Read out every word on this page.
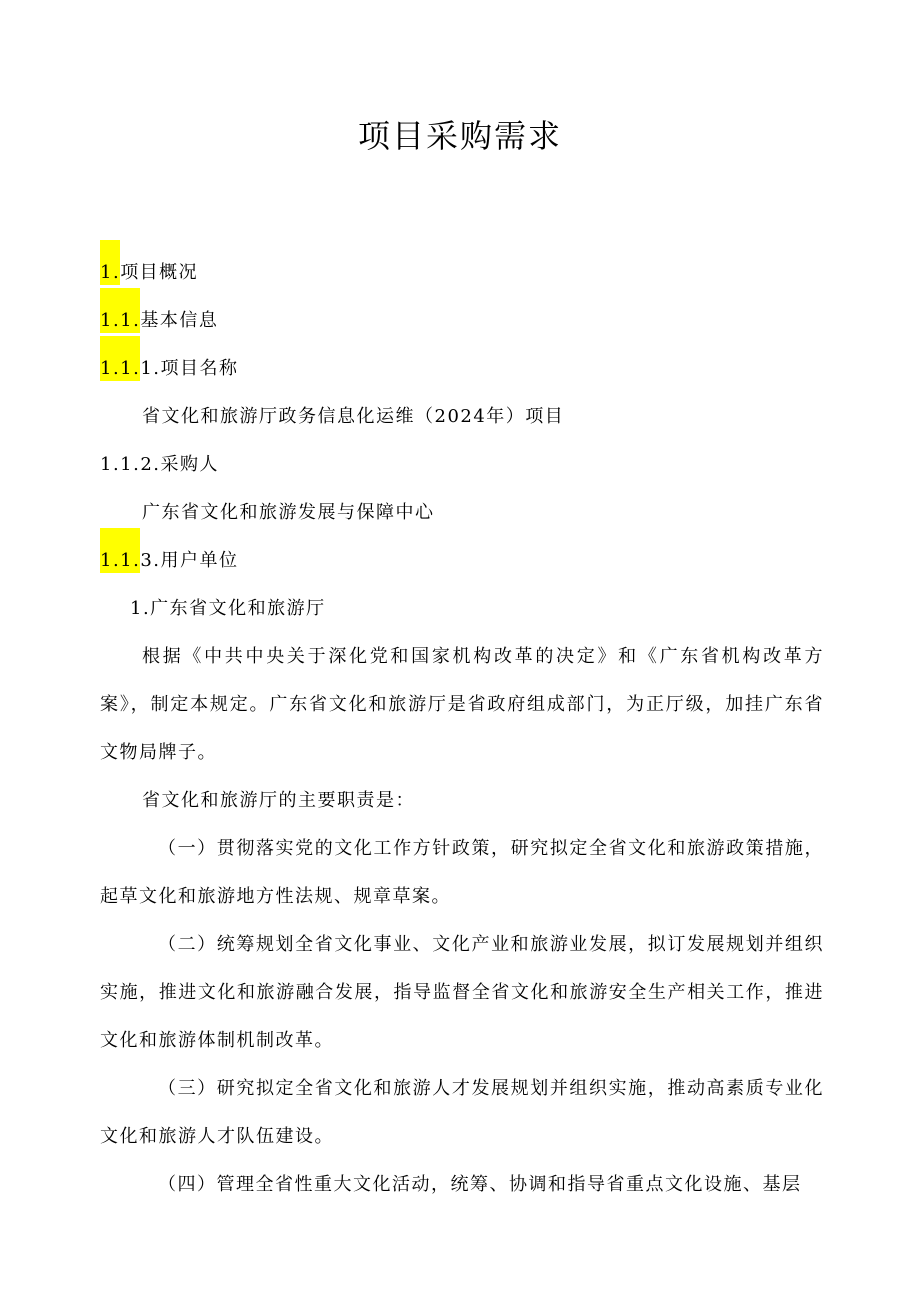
项目采购需求
1.项目概况
1.1.基本信息
1.1.1.项目名称
省文化和旅游厅政务信息化运维（2024年）项目
1.1.2.采购人
广东省文化和旅游发展与保障中心
1.1.3.用户单位
1.广东省文化和旅游厅
根据《中共中央关于深化党和国家机构改革的决定》和《广东省机构改革方案》，制定本规定。广东省文化和旅游厅是省政府组成部门，为正厅级，加挂广东省文物局牌子。
省文化和旅游厅的主要职责是：
（一）贯彻落实党的文化工作方针政策，研究拟定全省文化和旅游政策措施，起草文化和旅游地方性法规、规章草案。
（二）统筹规划全省文化事业、文化产业和旅游业发展，拟订发展规划并组织实施，推进文化和旅游融合发展，指导监督全省文化和旅游安全生产相关工作，推进文化和旅游体制机制改革。
（三）研究拟定全省文化和旅游人才发展规划并组织实施，推动高素质专业化文化和旅游人才队伍建设。
（四）管理全省性重大文化活动，统筹、协调和指导省重点文化设施、基层
